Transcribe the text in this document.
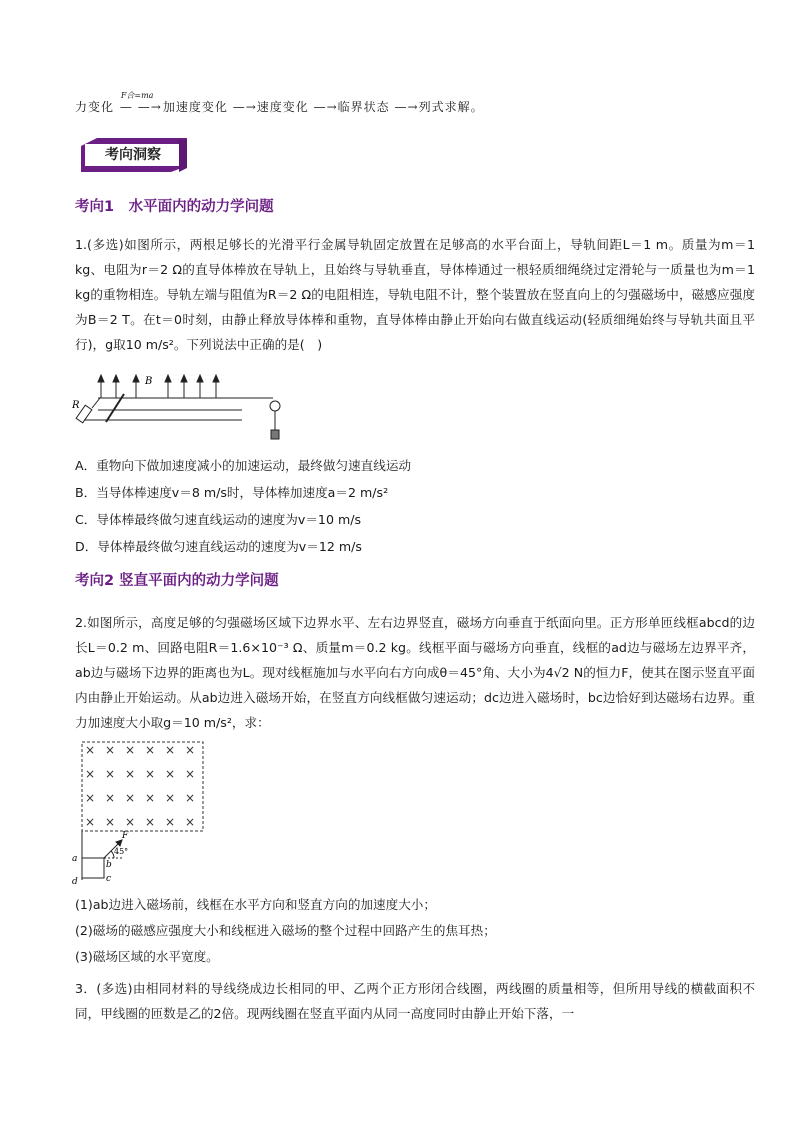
力变化
F合=ma
— —→加速度变化 —→速度变化 —→临界状态 —→列式求解。
考向洞察
考向1　水平面内的动力学问题
1.(多选)如图所示，两根足够长的光滑平行金属导轨固定放置在足够高的水平台面上，导轨间距L＝1 m。质量为m＝1 kg、电阻为r＝2 Ω的直导体棒放在导轨上，且始终与导轨垂直，导体棒通过一根轻质细绳绕过定滑轮与一质量也为m＝1 kg的重物相连。导轨左端与阻值为R＝2 Ω的电阻相连，导轨电阻不计，整个装置放在竖直向上的匀强磁场中，磁感应强度为B＝2 T。在t＝0时刻，由静止释放导体棒和重物，直导体棒由静止开始向右做直线运动(轻质细绳始终与导轨共面且平行)，g取10 m/s²。下列说法中正确的是(　)
R
B
A．重物向下做加速度减小的加速运动，最终做匀速直线运动
B．当导体棒速度v＝8 m/s时，导体棒加速度a＝2 m/s²
C．导体棒最终做匀速直线运动的速度为v＝10 m/s
D．导体棒最终做匀速直线运动的速度为v＝12 m/s
考向2 竖直平面内的动力学问题
2.如图所示，高度足够的匀强磁场区域下边界水平、左右边界竖直，磁场方向垂直于纸面向里。正方形单匝线框abcd的边长L＝0.2 m、回路电阻R＝1.6×10⁻³ Ω、质量m＝0.2 kg。线框平面与磁场方向垂直，线框的ad边与磁场左边界平齐，ab边与磁场下边界的距离也为L。现对线框施加与水平向右方向成θ＝45°角、大小为4√2 N的恒力F，使其在图示竖直平面内由静止开始运动。从ab边进入磁场开始，在竖直方向线框做匀速运动；dc边进入磁场时，bc边恰好到达磁场右边界。重力加速度大小取g＝10 m/s²，求：
× × × × × ×
× × × × × ×
× × × × × ×
× × × × × ×
F
45°
a
b
c
d
(1)ab边进入磁场前，线框在水平方向和竖直方向的加速度大小；
(2)磁场的磁感应强度大小和线框进入磁场的整个过程中回路产生的焦耳热；
(3)磁场区域的水平宽度。
3．(多选)由相同材料的导线绕成边长相同的甲、乙两个正方形闭合线圈，两线圈的质量相等，但所用导线的横截面积不同，甲线圈的匝数是乙的2倍。现两线圈在竖直平面内从同一高度同时由静止开始下落，一
